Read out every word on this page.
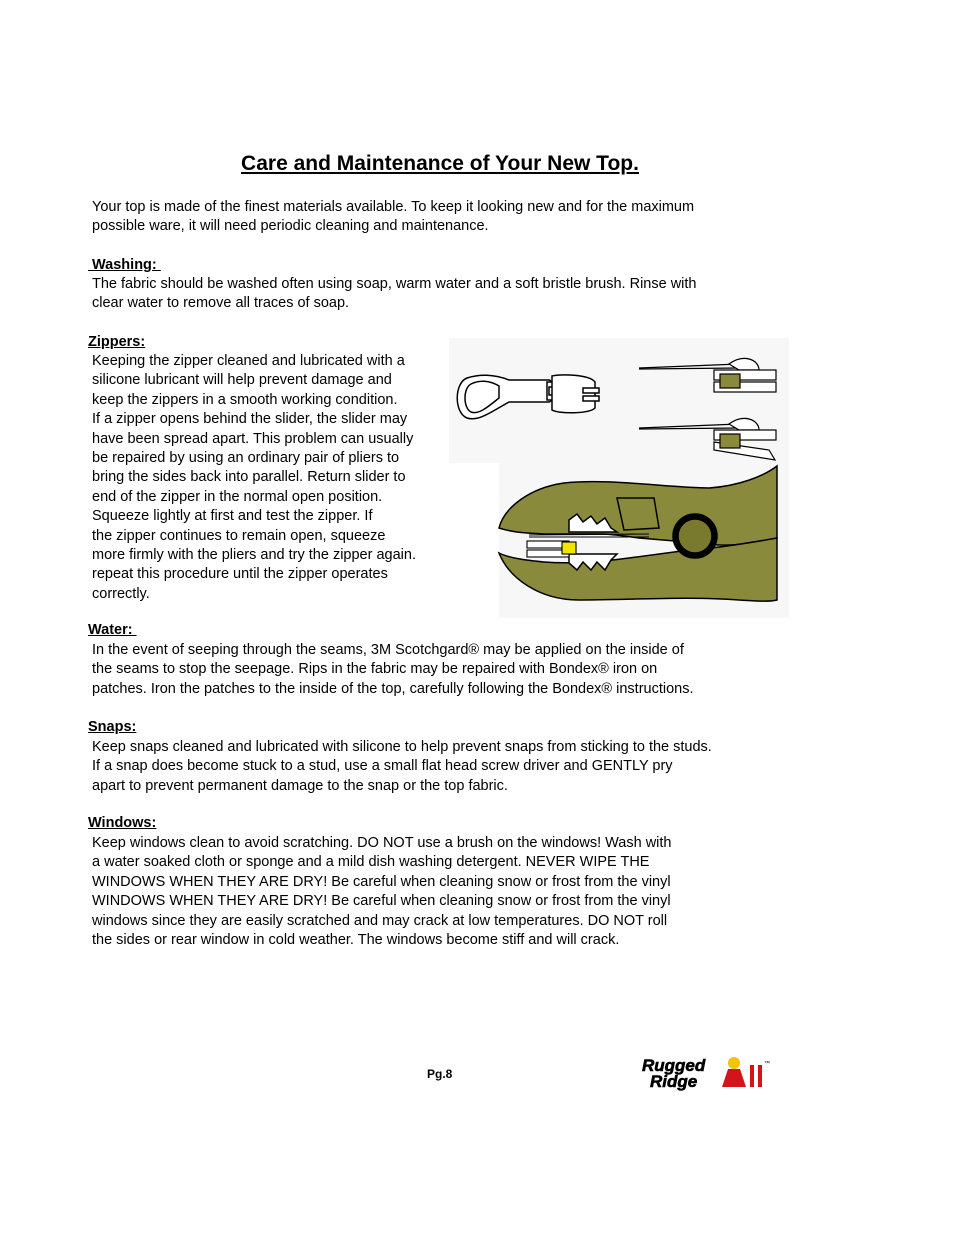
Care and Maintenance of Your New Top.
Your top is made of the finest materials available. To keep it looking new and for the maximum
possible ware, it will need periodic cleaning and maintenance.
Washing:
The fabric should be washed often using soap, warm water and a soft bristle brush. Rinse with
clear water to remove all traces of soap.
Zippers:
Keeping the zipper cleaned and lubricated with a
silicone lubricant will help prevent damage and
keep the zippers in a smooth working condition.
If a zipper opens behind the slider, the slider may
have been spread apart. This problem can usually
be repaired by using an ordinary pair of pliers to
bring the sides back into parallel. Return slider to
end of the zipper in the normal open position.
Squeeze lightly at first and test the zipper. If
the zipper continues to remain open, squeeze
more firmly with the pliers and try the zipper again.
repeat this procedure until the zipper operates
correctly.
Water:
In the event of seeping through the seams, 3M Scotchgard® may be applied on the inside of
the seams to stop the seepage. Rips in the fabric may be repaired with Bondex® iron on
patches. Iron the patches to the inside of the top, carefully following the Bondex® instructions.
Snaps:
Keep snaps cleaned and lubricated with silicone to help prevent snaps from sticking to the studs.
If a snap does become stuck to a stud, use a small flat head screw driver and GENTLY pry
apart to prevent permanent damage to the snap or the top fabric.
Windows:
Keep windows clean to avoid scratching. DO NOT use a brush on the windows! Wash with
a water soaked cloth or sponge and a mild dish washing detergent. NEVER WIPE THE
WINDOWS WHEN THEY ARE DRY! Be careful when cleaning snow or frost from the vinyl
WINDOWS WHEN THEY ARE DRY! Be careful when cleaning snow or frost from the vinyl
windows since they are easily scratched and may crack at low temperatures. DO NOT roll
the sides or rear window in cold weather. The windows become stiff and will crack.
Pg.8	Rugged
Ridge
™
